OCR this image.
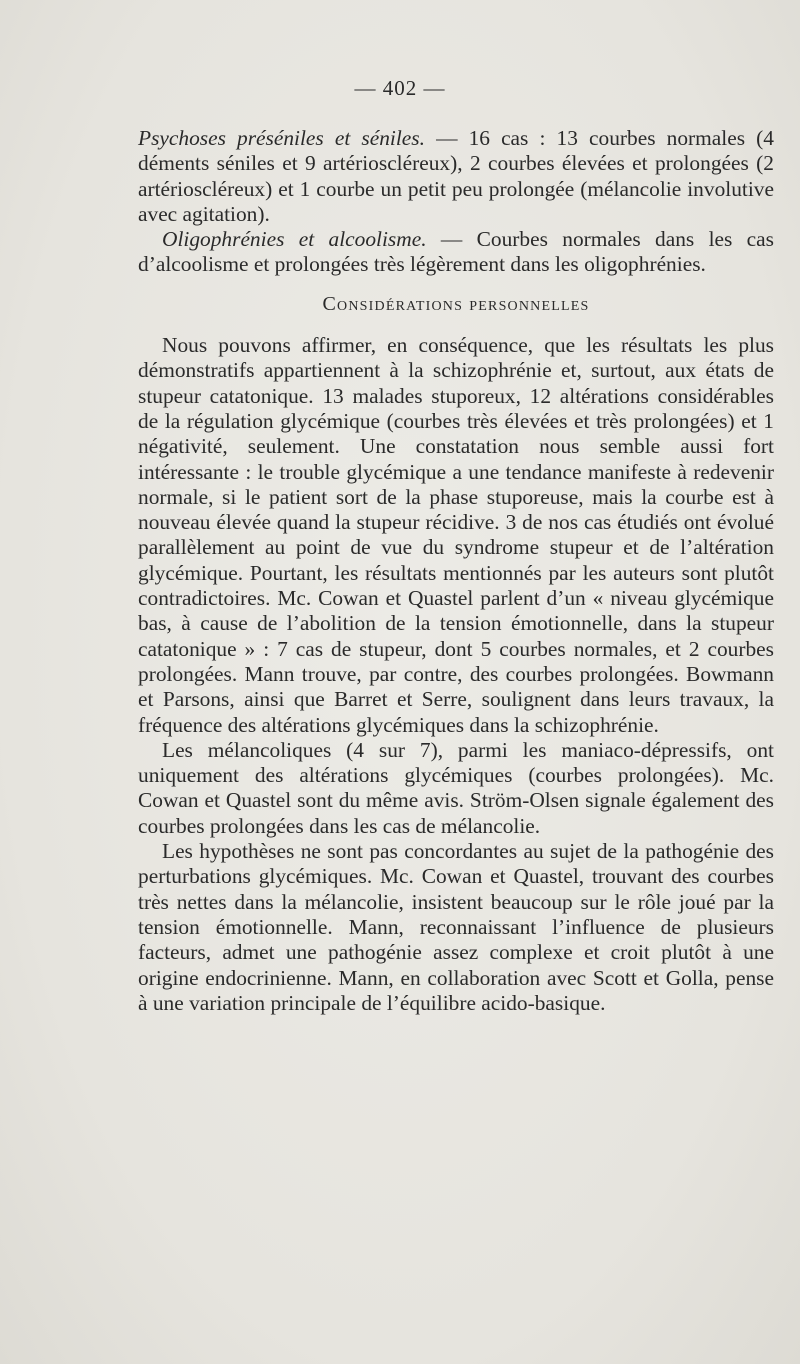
— 402 —

Psychoses préséniles et séniles. — 16 cas : 13 courbes normales (4 déments séniles et 9 artérioscléreux), 2 courbes élevées et prolongées (2 artérioscléreux) et 1 courbe un petit peu prolongée (mélancolie involutive avec agitation).

Oligophrénies et alcoolisme. — Courbes normales dans les cas d’alcoolisme et prolongées très légèrement dans les oligophrénies.

Considérations personnelles

Nous pouvons affirmer, en conséquence, que les résultats les plus démonstratifs appartiennent à la schizophrénie et, surtout, aux états de stupeur catatonique. 13 malades stuporeux, 12 altérations considérables de la régulation glycémique (courbes très élevées et très prolongées) et 1 négativité, seulement. Une constatation nous semble aussi fort intéressante : le trouble glycémique a une tendance manifeste à redevenir normale, si le patient sort de la phase stuporeuse, mais la courbe est à nouveau élevée quand la stupeur récidive. 3 de nos cas étudiés ont évolué parallèlement au point de vue du syndrome stupeur et de l’altération glycémique. Pourtant, les résultats mentionnés par les auteurs sont plutôt contradictoires. Mc. Cowan et Quastel parlent d’un « niveau glycémique bas, à cause de l’abolition de la tension émotionnelle, dans la stupeur catatonique » : 7 cas de stupeur, dont 5 courbes normales, et 2 courbes prolongées. Mann trouve, par contre, des courbes prolongées. Bowmann et Parsons, ainsi que Barret et Serre, soulignent dans leurs travaux, la fréquence des altérations glycémiques dans la schizophrénie.

Les mélancoliques (4 sur 7), parmi les maniaco-dépressifs, ont uniquement des altérations glycémiques (courbes prolongées). Mc. Cowan et Quastel sont du même avis. Ström-Olsen signale également des courbes prolongées dans les cas de mélancolie.

Les hypothèses ne sont pas concordantes au sujet de la pathogénie des perturbations glycémiques. Mc. Cowan et Quastel, trouvant des courbes très nettes dans la mélancolie, insistent beaucoup sur le rôle joué par la tension émotionnelle. Mann, reconnaissant l’influence de plusieurs facteurs, admet une pathogénie assez complexe et croit plutôt à une origine endocrinienne. Mann, en collaboration avec Scott et Golla, pense à une variation principale de l’équilibre acido-basique.
